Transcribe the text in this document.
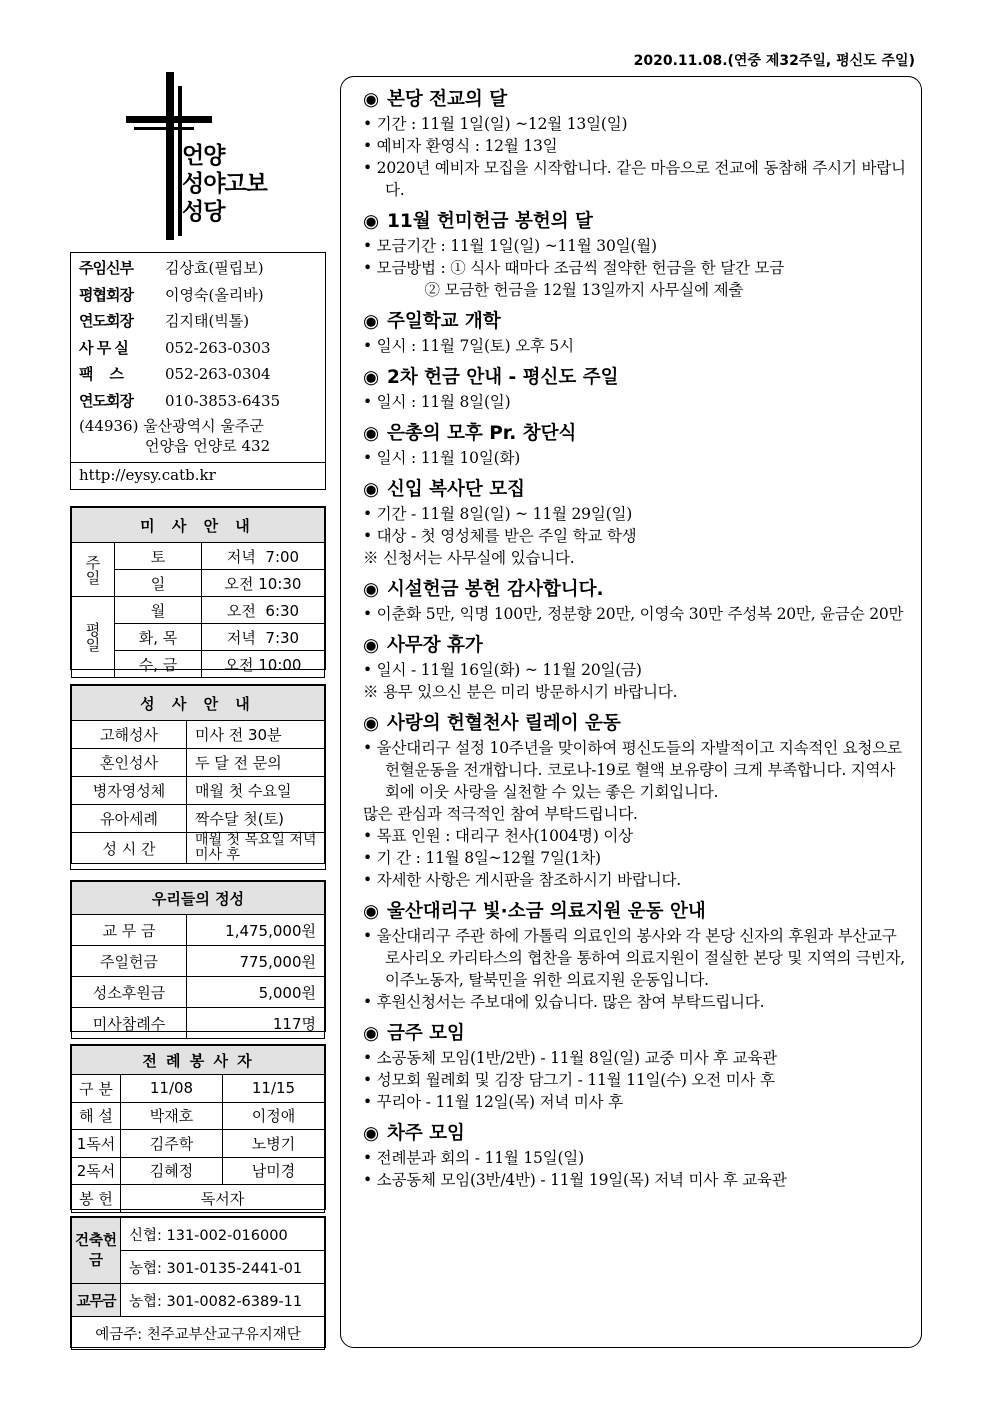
2020.11.08.(연중 제32주일, 평신도 주일)
언양
성야고보
성당
주임신부 김상효(필립보)
평협회장 이영숙(올리바)
연도회장 김지태(빅톨)
사 무 실 052-263-0303
팩    스	052-263-0304
연도회장 010-3853-6435
(44936) 울산광역시 울주군
언양읍 언양로 432
http://eysy.catb.kr
미 사 안 내		
주일	토	저녁  7:00
	일	오전 10:30
평일	월	오전  6:30
	화, 목	저녁  7:30
	수, 금	오전 10:00
성 사 안 내	
고해성사	미사 전 30분
혼인성사	두 달 전 문의
병자영성체	매월 첫 수요일
유아세례	짝수달 첫(토)
성 시 간	매월 첫 목요일 저녁미사 후
우리들의 정성	
교 무 금	1,475,000원
주일헌금	775,000원
성소후원금	5,000원
미사참례수	117명
전 례 봉 사 자		
구 분	11/08	11/15
해 설	박재호	이정애
1독서	김주학	노병기
2독서	김혜정	남미경
봉 헌	독서자	
건축헌금	신협: 131-002-016000
	농협: 301-0135-2441-01
교무금	농협: 301-0082-6389-11
예금주: 천주교부산교구유지재단	
◉ 본당 전교의 달
• 기간 : 11월 1일(일) ~12월 13일(일)
• 예비자 환영식 : 12월 13일
• 2020년 예비자 모집을 시작합니다. 같은 마음으로 전교에 동참해 주시기 바랍니다.
◉ 11월 헌미헌금 봉헌의 달
• 모금기간 : 11월 1일(일) ~11월 30일(월)
• 모금방법 : ① 식사 때마다 조금씩 절약한 헌금을 한 달간 모금
② 모금한 헌금을 12월 13일까지 사무실에 제출
◉ 주일학교 개학
• 일시 : 11월 7일(토) 오후 5시
◉ 2차 헌금 안내 - 평신도 주일
• 일시 : 11월 8일(일)
◉ 은총의 모후 Pr. 창단식
• 일시 : 11월 10일(화)
◉ 신입 복사단 모집
• 기간 - 11월 8일(일) ~ 11월 29일(일)
• 대상 - 첫 영성체를 받은 주일 학교 학생
※ 신청서는 사무실에 있습니다.
◉ 시설헌금 봉헌 감사합니다.
• 이춘화 5만, 익명 100만, 정분향 20만, 이영숙 30만 주성복 20만, 윤금순 20만
◉ 사무장 휴가
• 일시 - 11월 16일(화) ~ 11월 20일(금)
※ 용무 있으신 분은 미리 방문하시기 바랍니다.
◉ 사랑의 헌혈천사 릴레이 운동
• 울산대리구 설정 10주년을 맞이하여 평신도들의 자발적이고 지속적인 요청으로 헌혈운동을 전개합니다. 코로나-19로 혈액 보유량이 크게 부족합니다. 지역사회에 이웃 사랑을 실천할 수 있는 좋은 기회입니다.
많은 관심과 적극적인 참여 부탁드립니다.
• 목표 인원 : 대리구 천사(1004명) 이상
• 기 간 : 11월 8일~12월 7일(1차)
• 자세한 사항은 게시판을 참조하시기 바랍니다.
◉ 울산대리구 빛·소금 의료지원 운동 안내
• 울산대리구 주관 하에 가톨릭 의료인의 봉사와 각 본당 신자의 후원과 부산교구 로사리오 카리타스의 협찬을 통하여 의료지원이 절실한 본당 및 지역의 극빈자, 이주노동자, 탈북민을 위한 의료지원 운동입니다.
• 후원신청서는 주보대에 있습니다. 많은 참여 부탁드립니다.
◉ 금주 모임
• 소공동체 모임(1반/2반) - 11월 8일(일) 교중 미사 후 교육관
• 성모회 월례회 및 김장 담그기 - 11월 11일(수) 오전 미사 후
• 꾸리아 - 11월 12일(목) 저녁 미사 후
◉ 차주 모임
• 전례분과 회의 - 11월 15일(일)
• 소공동체 모임(3반/4반) - 11월 19일(목) 저녁 미사 후 교육관
